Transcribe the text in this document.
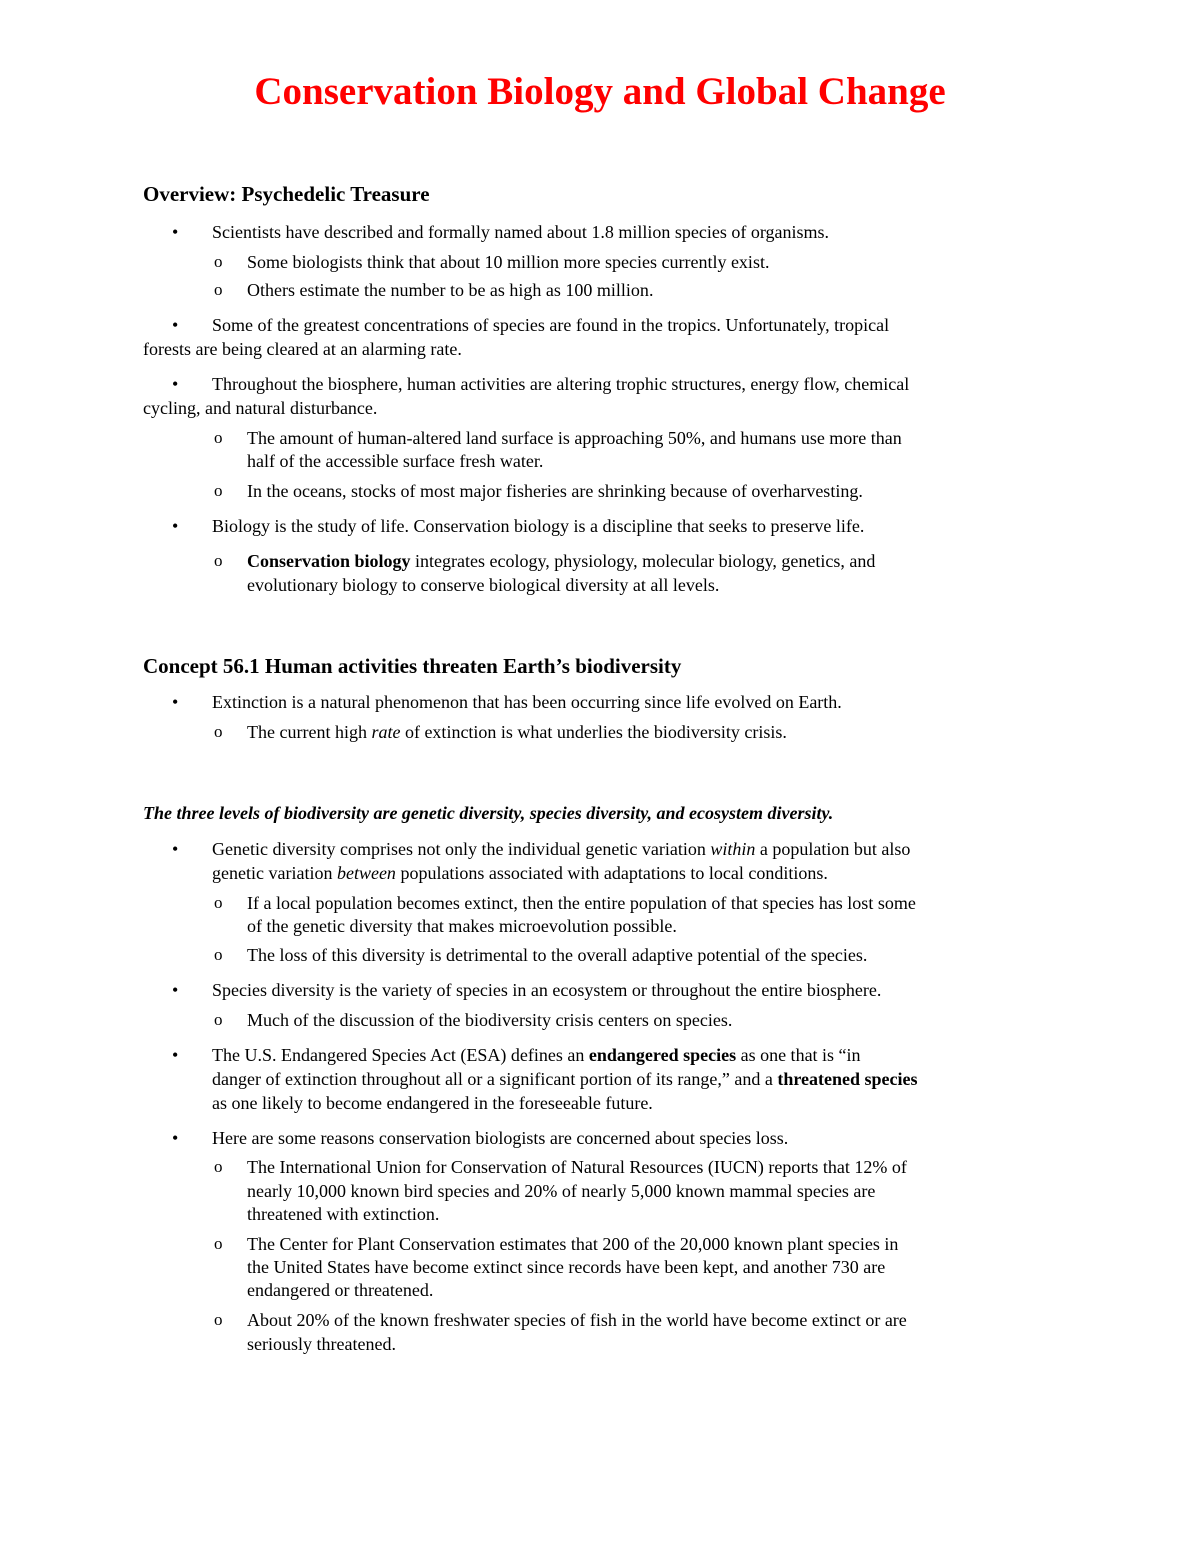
Conservation Biology and Global Change
Overview: Psychedelic Treasure
• Scientists have described and formally named about 1.8 million species of organisms.
o Some biologists think that about 10 million more species currently exist.
o Others estimate the number to be as high as 100 million.
• Some of the greatest concentrations of species are found in the tropics. Unfortunately, tropical
forests are being cleared at an alarming rate.
• Throughout the biosphere, human activities are altering trophic structures, energy flow, chemical
cycling, and natural disturbance.
o The amount of human-altered land surface is approaching 50%, and humans use more than
half of the accessible surface fresh water.
o In the oceans, stocks of most major fisheries are shrinking because of overharvesting.
• Biology is the study of life. Conservation biology is a discipline that seeks to preserve life.
o Conservation biology integrates ecology, physiology, molecular biology, genetics, and
evolutionary biology to conserve biological diversity at all levels.
Concept 56.1 Human activities threaten Earth’s biodiversity
• Extinction is a natural phenomenon that has been occurring since life evolved on Earth.
o The current high rate of extinction is what underlies the biodiversity crisis.
The three levels of biodiversity are genetic diversity, species diversity, and ecosystem diversity.
• Genetic diversity comprises not only the individual genetic variation within a population but also
genetic variation between populations associated with adaptations to local conditions.
o If a local population becomes extinct, then the entire population of that species has lost some
of the genetic diversity that makes microevolution possible.
o The loss of this diversity is detrimental to the overall adaptive potential of the species.
• Species diversity is the variety of species in an ecosystem or throughout the entire biosphere.
o Much of the discussion of the biodiversity crisis centers on species.
• The U.S. Endangered Species Act (ESA) defines an endangered species as one that is “in
danger of extinction throughout all or a significant portion of its range,” and a threatened species
as one likely to become endangered in the foreseeable future.
• Here are some reasons conservation biologists are concerned about species loss.
o The International Union for Conservation of Natural Resources (IUCN) reports that 12% of
nearly 10,000 known bird species and 20% of nearly 5,000 known mammal species are
threatened with extinction.
o The Center for Plant Conservation estimates that 200 of the 20,000 known plant species in
the United States have become extinct since records have been kept, and another 730 are
endangered or threatened.
o About 20% of the known freshwater species of fish in the world have become extinct or are
seriously threatened.
